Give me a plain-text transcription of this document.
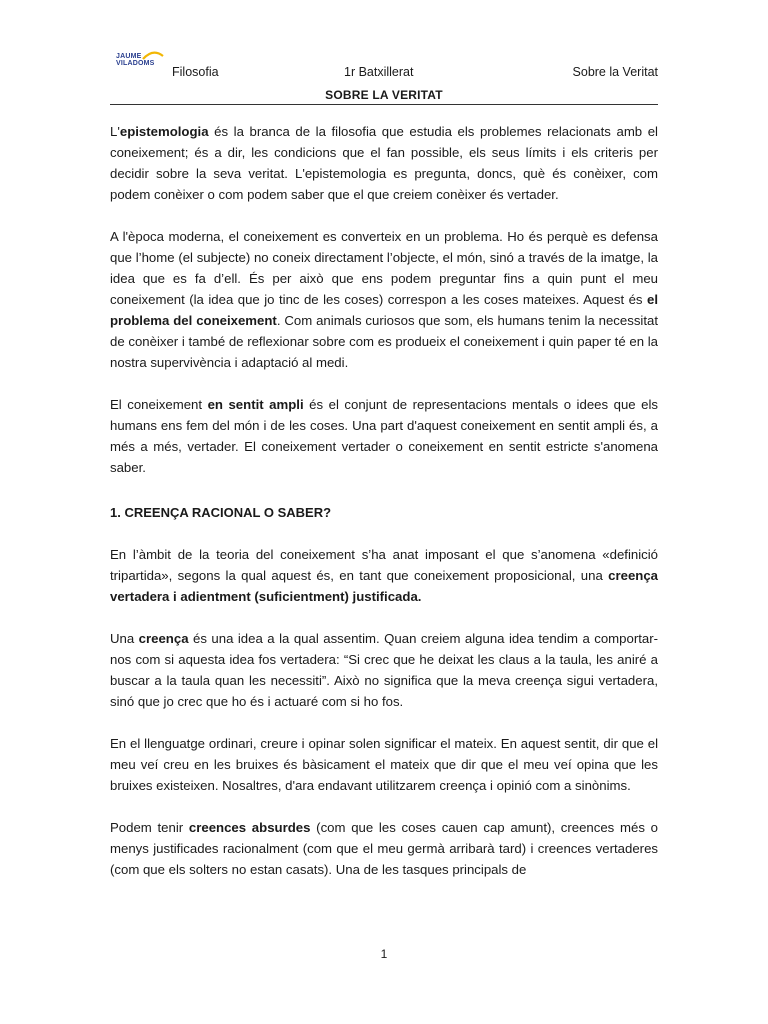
JAUME
VILADOMS
Filosofia	1r Batxillerat	Sobre la Veritat
SOBRE LA VERITAT

L'epistemologia és la branca de la filosofia que estudia els problemes relacionats amb el coneixement; és a dir, les condicions que el fan possible, els seus límits i els criteris per decidir sobre la seva veritat. L'epistemologia es pregunta, doncs, què és conèixer, com podem conèixer o com podem saber que el que creiem conèixer és vertader.

A l'època moderna, el coneixement es converteix en un problema. Ho és perquè es defensa que l’home (el subjecte) no coneix directament l’objecte, el món, sinó a través de la imatge, la idea que es fa d’ell. És per això que ens podem preguntar fins a quin punt el meu coneixement (la idea que jo tinc de les coses) correspon a les coses mateixes. Aquest és el problema del coneixement. Com animals curiosos que som, els humans tenim la necessitat de conèixer i també de reflexionar sobre com es produeix el coneixement i quin paper té en la nostra supervivència i adaptació al medi.

El coneixement en sentit ampli és el conjunt de representacions mentals o idees que els humans ens fem del món i de les coses. Una part d'aquest coneixement en sentit ampli és, a més a més, vertader. El coneixement vertader o coneixement en sentit estricte s'anomena saber.

1. CREENÇA RACIONAL O SABER?

En l’àmbit de la teoria del coneixement s’ha anat imposant el que s’anomena «definició tripartida», segons la qual aquest és, en tant que coneixement proposicional, una creença vertadera i adientment (suficientment) justificada.

Una creença és una idea a la qual assentim. Quan creiem alguna idea tendim a comportar-nos com si aquesta idea fos vertadera: “Si crec que he deixat les claus a la taula, les aniré a buscar a la taula quan les necessiti”. Això no significa que la meva creença sigui vertadera, sinó que jo crec que ho és i actuaré com si ho fos.

En el llenguatge ordinari, creure i opinar solen significar el mateix. En aquest sentit, dir que el meu veí creu en les bruixes és bàsicament el mateix que dir que el meu veí opina que les bruixes existeixen. Nosaltres, d'ara endavant utilitzarem creença i opinió com a sinònims.

Podem tenir creences absurdes (com que les coses cauen cap amunt), creences més o menys justificades racionalment (com que el meu germà arribarà tard) i creences vertaderes (com que els solters no estan casats). Una de les tasques principals de

1
